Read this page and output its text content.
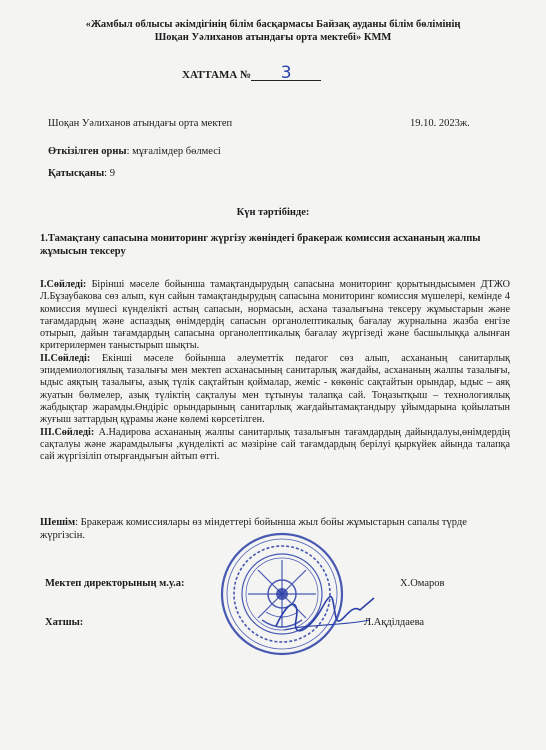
«Жамбыл облысы әкімдігінің білім басқармасы Байзақ ауданы білім бөлімінің
Шоқан Уәлиханов атындағы орта мектебі» КММ
ХАТТАМА № 3
Шоқан Уәлиханов атындағы орта мектеп	19.10. 2023ж.
Өткізілген орны: мұғалімдер бөлмесі
Қатысқаны: 9
Күн тәртібінде:
1.Тамақтану сапасына мониторинг жүргізу жөніндегі бракераж комиссия асхананың жалпы жұмысын тексеру

I.Сөйледі: Бірінші мәселе бойынша тамақтандырудың сапасына мониторинг қорытындысымен ДТЖО Л.Бұзаубакова сөз алып, күн сайын тамақтандырудың сапасына мониторинг комиссия мүшелері, кемінде 4 комиссия мүшесі күнделікті астың сапасын, нормасын, асхана тазалығына тексеру жұмыстарын және тағамдардың және аспаздық өнімдердің сапасын органолептикалық бағалау журналына жазба енгізе отырып, дайын тағамдардың сапасына органолептикалық бағалау жүргізеді және басшылыққа алынған критерилермен таныстырып шықты.

II.Сөйледі: Екінші мәселе бойынша әлеуметтік педагог сөз алып, асхананың санитарлық эпидемиологиялық тазалығы мен мектеп асханасының санитарлық жағдайы, асхананың жалпы тазалығы, ыдыс аяқтың тазалығы, азық түлік сақтайтын қоймалар, жеміс - көкөніс сақтайтын орындар, ыдыс – аяқ жуатын бөлмелер, азық түліктің сақталуы мен тұтынуы талапқа сай. Тоңазытқыш – технологиялық жабдықтар жарамды.Өндіріс орындарының санитарлық жағдайытамақтандыру ұйымдарына қойылатын жуғыш заттардың құрамы және көлемі көрсетілген.

III.Сөйледі: А.Надирова асхананың жалпы санитарлық тазалығын тағамдардың дайындалуы,өнімдердің сақталуы және жарамдылығы ,күнделікті ас мәзіріне сай тағамдардың берілуі қыркүйек айында талапқа сай жүргізіліп отырғандығын айтып өтті.

Шешім: Бракераж комиссиялары өз міндеттері бойынша жыл бойы жұмыстарын сапалы түрде жүргізсін.
Мектеп директорының м.у.а:	Х.Омаров
Хатшы:	Л.Ақділдаева
